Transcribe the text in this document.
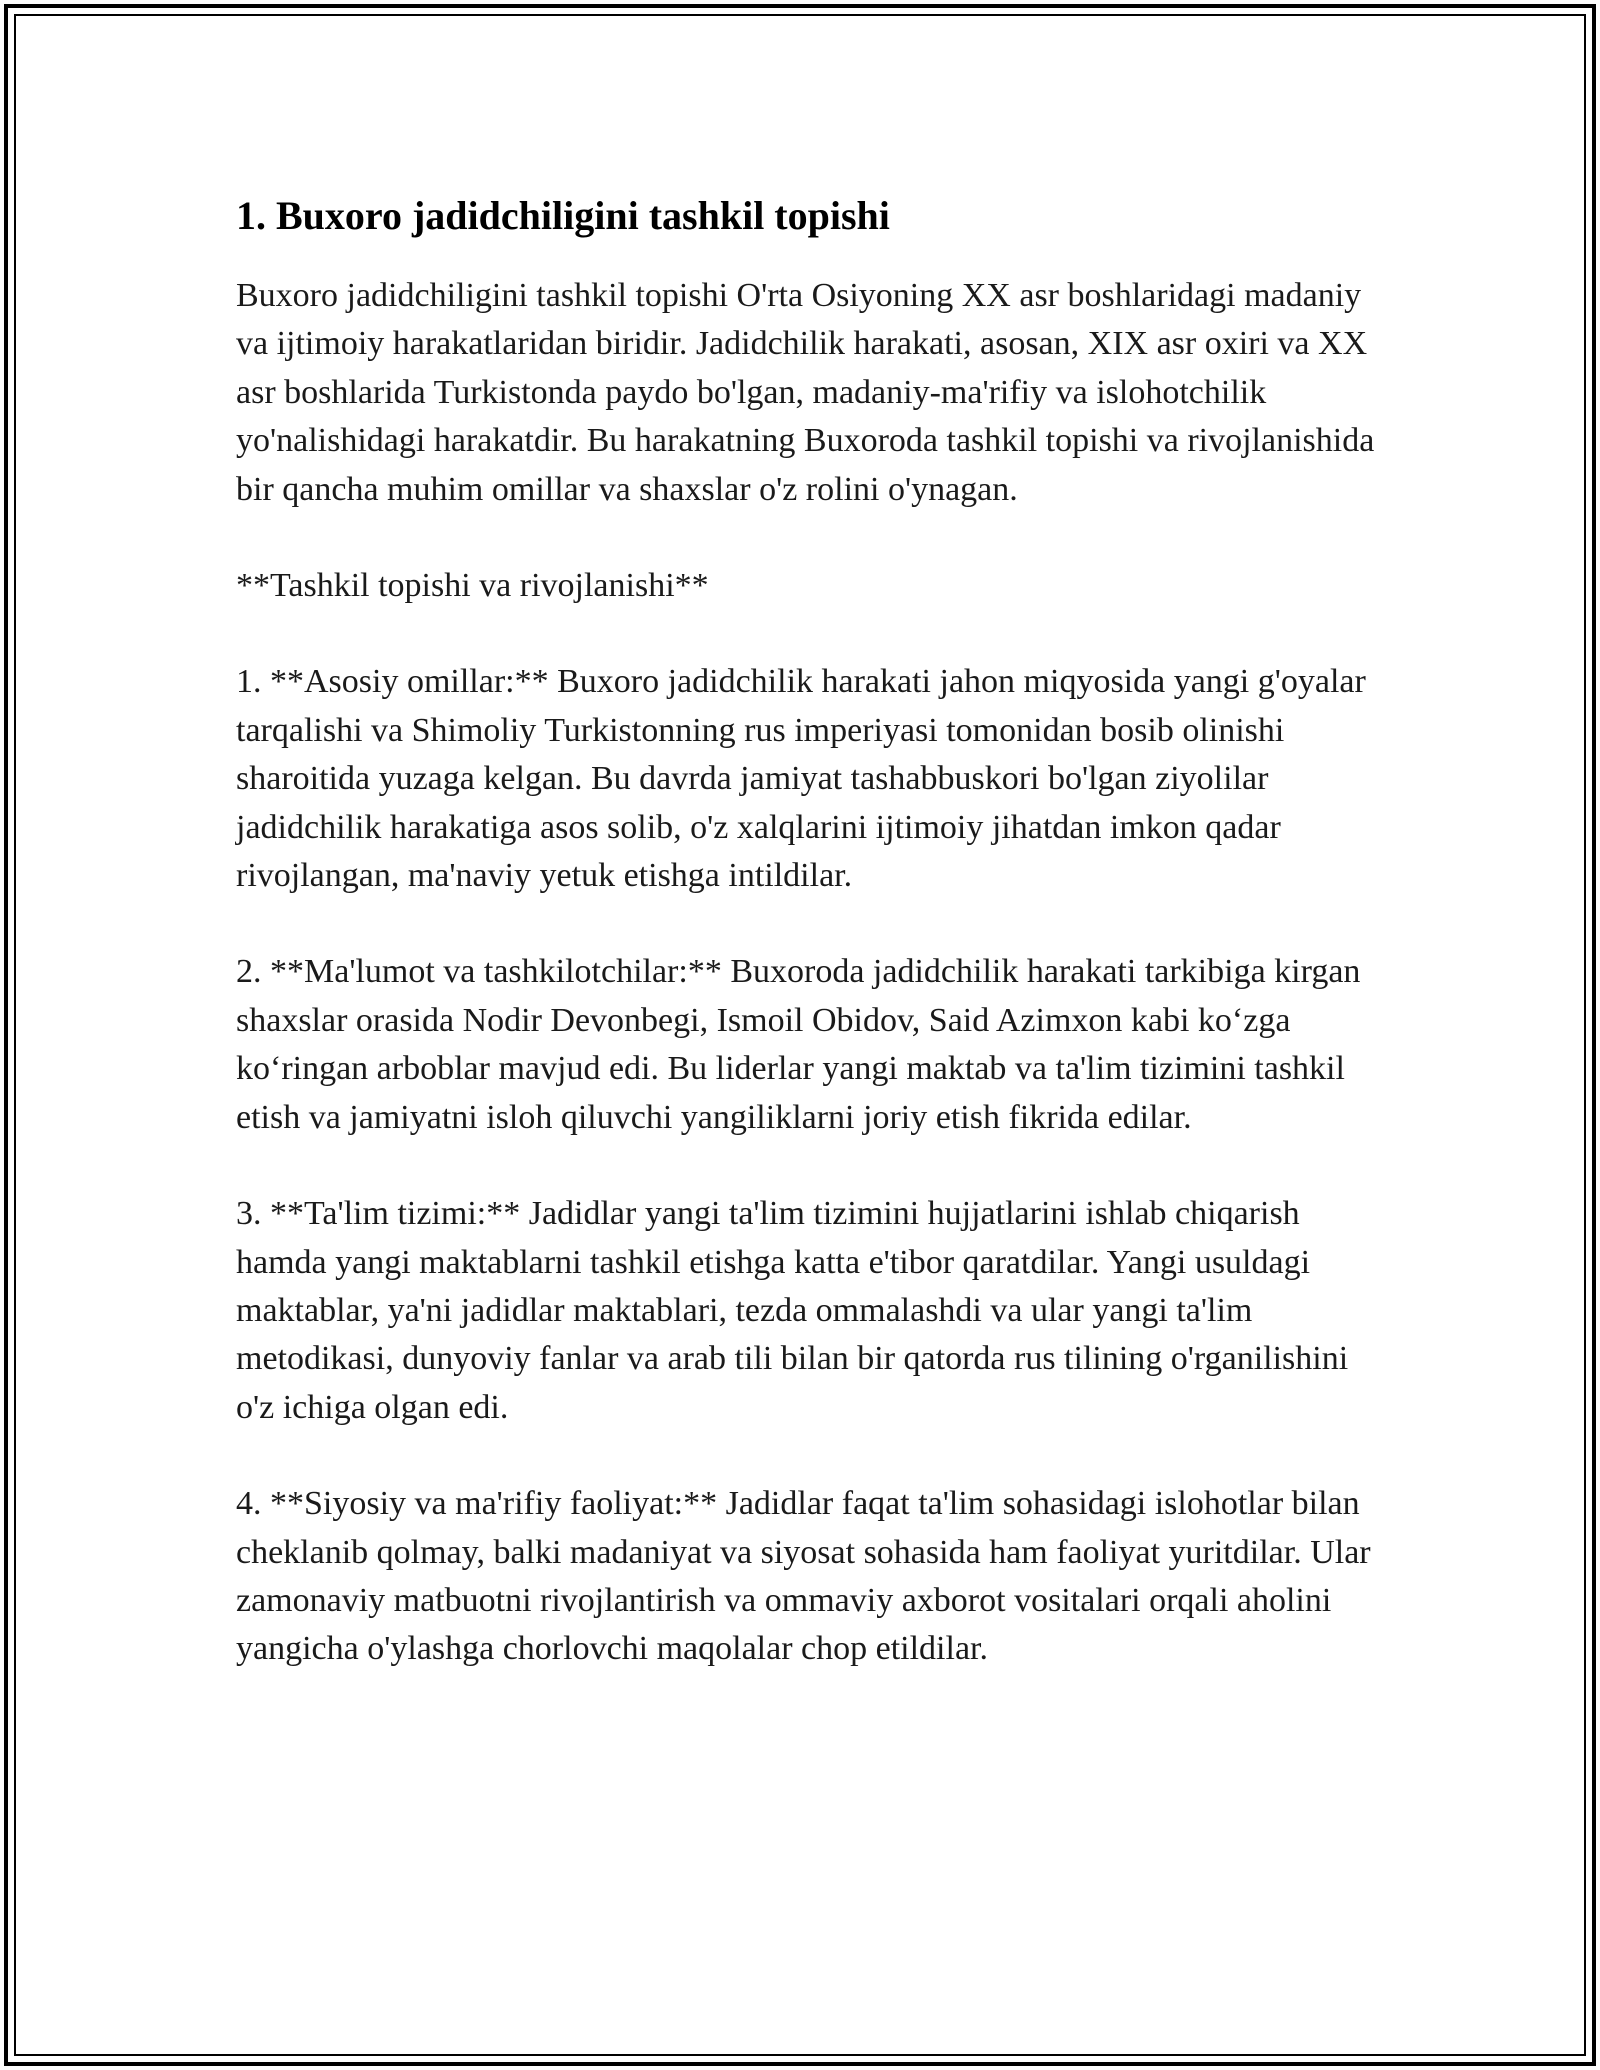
1. Buxoro jadidchiligini tashkil topishi

Buxoro jadidchiligini tashkil topishi O'rta Osiyoning XX asr boshlaridagi madaniy va ijtimoiy harakatlaridan biridir. Jadidchilik harakati, asosan, XIX asr oxiri va XX asr boshlarida Turkistonda paydo bo'lgan, madaniy-ma'rifiy va islohotchilik yo'nalishidagi harakatdir. Bu harakatning Buxoroda tashkil topishi va rivojlanishida bir qancha muhim omillar va shaxslar o'z rolini o'ynagan.

**Tashkil topishi va rivojlanishi**

1. **Asosiy omillar:** Buxoro jadidchilik harakati jahon miqyosida yangi g'oyalar tarqalishi va Shimoliy Turkistonning rus imperiyasi tomonidan bosib olinishi sharoitida yuzaga kelgan. Bu davrda jamiyat tashabbuskori bo'lgan ziyolilar jadidchilik harakatiga asos solib, o'z xalqlarini ijtimoiy jihatdan imkon qadar rivojlangan, ma'naviy yetuk etishga intildilar.

2. **Ma'lumot va tashkilotchilar:** Buxoroda jadidchilik harakati tarkibiga kirgan shaxslar orasida Nodir Devonbegi, Ismoil Obidov, Said Azimxon kabi ko‘zga ko‘ringan arboblar mavjud edi. Bu liderlar yangi maktab va ta'lim tizimini tashkil etish va jamiyatni isloh qiluvchi yangiliklarni joriy etish fikrida edilar.

3. **Ta'lim tizimi:** Jadidlar yangi ta'lim tizimini hujjatlarini ishlab chiqarish hamda yangi maktablarni tashkil etishga katta e'tibor qaratdilar. Yangi usuldagi maktablar, ya'ni jadidlar maktablari, tezda ommalashdi va ular yangi ta'lim metodikasi, dunyoviy fanlar va arab tili bilan bir qatorda rus tilining o'rganilishini o'z ichiga olgan edi.

4. **Siyosiy va ma'rifiy faoliyat:** Jadidlar faqat ta'lim sohasidagi islohotlar bilan cheklanib qolmay, balki madaniyat va siyosat sohasida ham faoliyat yuritdilar. Ular zamonaviy matbuotni rivojlantirish va ommaviy axborot vositalari orqali aholini yangicha o'ylashga chorlovchi maqolalar chop etildilar.
